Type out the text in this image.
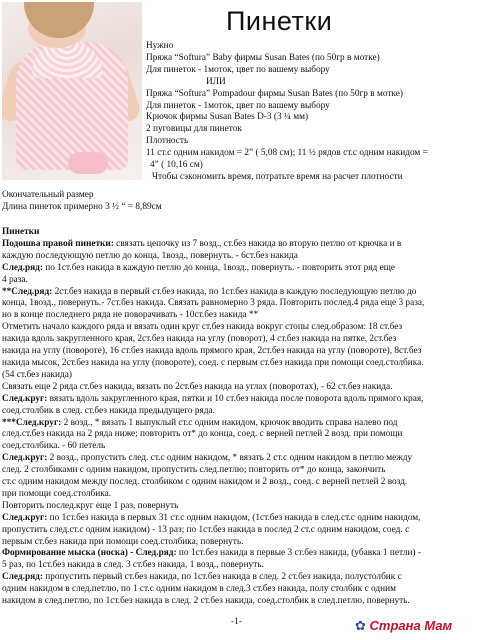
Пинетки
Нужно
Пряжа “Softura” Baby фирмы Susan Bates (по 50гр в мотке)
Для пинеток - 1моток, цвет по вашему выбору
ИЛИ
Пряжа “Softura” Pompadour фирмы Susan Bates (по 50гр в мотке)
Для пинеток - 1моток, цвет по вашему выбору
Крючок фирмы Susan Bates D-3 (3 ¼ мм)
2 пуговицы для пинеток
Плотность
11 ст.с одним накидом = 2” ( 5,08 см); 11 ½ рядов ст.с одним накидом =
4” ( 10,16 см)
Чтобы сэкономить время, потратьте время на расчет плотности
Окончательный размер
Длина пинеток примерно 3 ½ “ = 8,89см

Пинетки

Подошва правой пинетки: связать цепочку из 7 возд., ст.без накида во вторую петлю от крючка и в

каждую последующую петлю до конца, 1возд., повернуть. - 6ст.без накида

След.ряд: по 1ст.без накида в каждую петлю до конца, 1возд., повернуть. - повторить этот ряд еще

4 раза.

**След.ряд: 2ст.без накида в первый ст.без накида, по 1ст.без накида в каждую последующую петлю до

конца, 1возд., повернуть.- 7ст.без накида. Связать равномерно 3 ряда. Повторить послед.4 ряда еще 3 раза,

но в конце последнего ряда не поворачивать - 10ст.без накида **

Отметить начало каждого ряда и вязать один круг ст.без накида вокруг стопы след.образом: 18 ст.без

накида вдоль закругленного края, 2ст.без накида на углу (поворот), 4 ст.без накида на пятке, 2ст.без

накида на углу (повороте), 16 ст.без накида вдоль прямого края, 2ст.без накида на углу (повороте), 8ст.без

накида мысок, 2ст.без накида на углу (повороте), соед. с первым ст.без накида при помощи соед.столбика.

(54 ст.без накида)

Связать еще 2 ряда ст.без накида, вязать по 2ст.без накида на углах (поворотах), - 62 ст.без накида.

След.круг: вязать вдоль закругленного края, пятки и 10 ст.без накида после поворота вдоль прямого края,

соед.столбик в след. ст.без накида предыдущего ряда.

***След.круг: 2 возд., * вязать 1 выпуклый ст.с одним накидом, крючок вводить справа налево под

след.ст.без накида на 2 ряда ниже; повторить от* до конца, соед. с верней петлей 2 возд. при помощи

соед.столбика. - 60 петель

След.круг: 2 возд., пропустить след. ст.с одним накидом, * вязать 2 ст.с одним накидом в петлю между

след. 2 столбиками с одним накидом, пропустить след.петлю; повторить от* до конца, закончить

ст.с одним накидом между послед. столбиком с одним накидом и 2 возд., соед. с верней петлей 2 возд.

при помощи соед.столбика.

Повторить послед.круг еще 1 раз, повернуть

След.круг: по 1ст.без накида в первых 31 ст.с одним накидом, (1ст.без накида в след.ст.с одним накидом,

пропустить след.ст.с одним накидом) - 13 раз; по 1ст.без накида в послед 2 ст.с одним накидом, соед. с

первым ст.без накида при помощи соед.столбика, повернуть.

Формирование мыска (носка) - След.ряд: по 1ст.без накида в первые 3 ст.без накида, (убавка 1 петли) -

5 раз, по 1ст.без накида в след. 3 ст.без накида, 1 возд., повернуть.

След.ряд: пропустить первый ст.без накида, по 1ст.без накида в след. 2 ст.без накида, полустолбик с

одним накидом в след.петлю, по 1 ст.с одним накидом в след.3 ст.без накида, полу столбик с одним

накидом в след.петлю, по 1ст.без накида в след. 2 ст.без накида, соед.столбик в след.петлю, повернуть.

-1-	✿ Страна Мам
